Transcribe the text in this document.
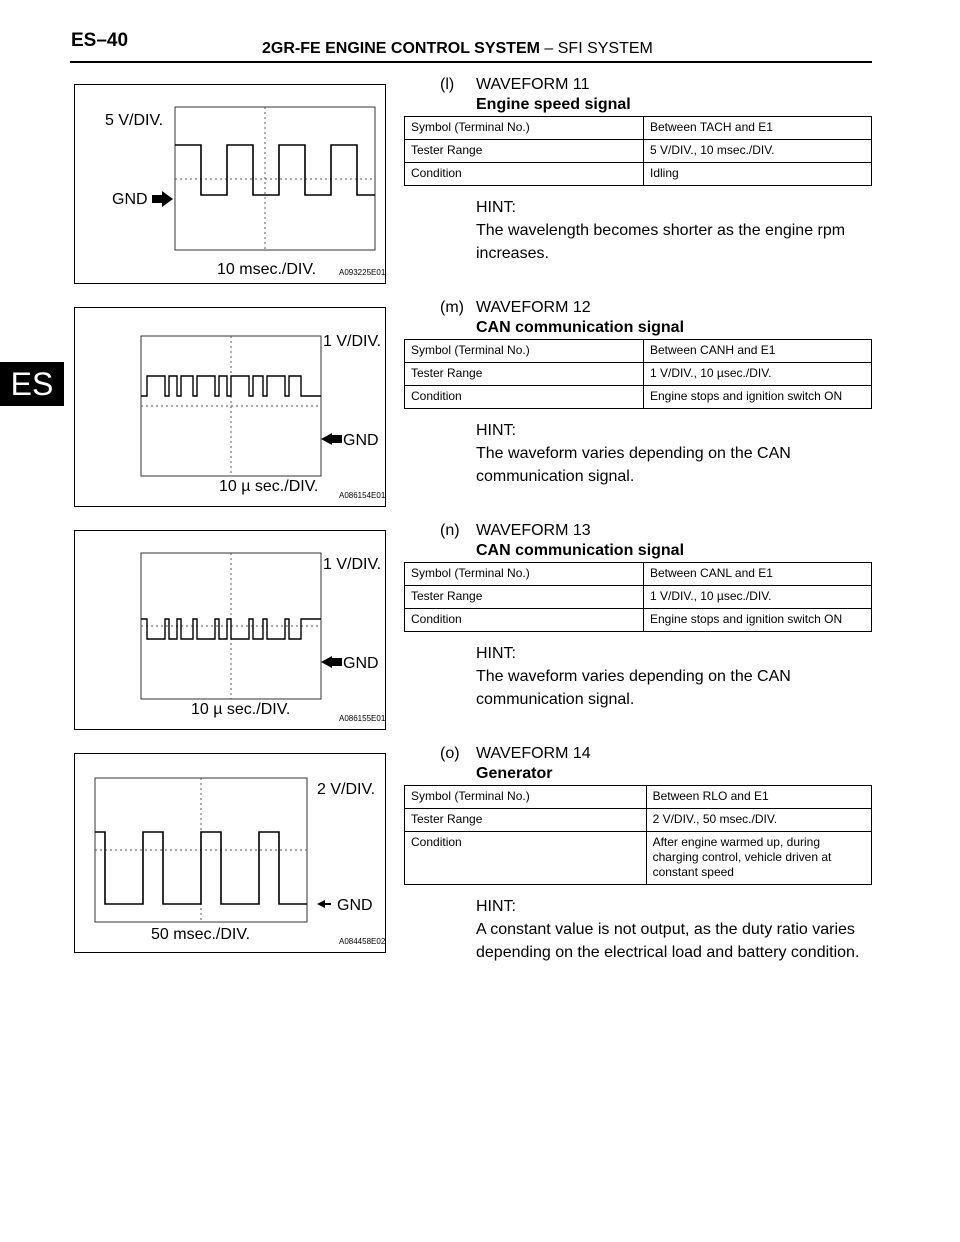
ES–40	2GR-FE ENGINE CONTROL SYSTEM – SFI SYSTEM
ES
5 V/DIV.
GND
10 msec./DIV.	A093225E01
(l) WAVEFORM 11
Engine speed signal
Symbol (Terminal No.)	Between TACH and E1
Tester Range	5 V/DIV., 10 msec./DIV.
Condition	Idling
HINT:
The wavelength becomes shorter as the engine rpm increases.
1 V/DIV.
GND
10 µ sec./DIV.
A086154E01
(m) WAVEFORM 12
CAN communication signal
Symbol (Terminal No.)	Between CANH and E1
Tester Range	1 V/DIV., 10 µsec./DIV.
Condition	Engine stops and ignition switch ON
HINT:
The waveform varies depending on the CAN communication signal.
1 V/DIV.
GND
10 µ sec./DIV.
A086155E01
(n) WAVEFORM 13
CAN communication signal
Symbol (Terminal No.)	Between CANL and E1
Tester Range	1 V/DIV., 10 µsec./DIV.
Condition	Engine stops and ignition switch ON
HINT:
The waveform varies depending on the CAN communication signal.
2 V/DIV.
GND
50 msec./DIV.	A084458E02
(o) WAVEFORM 14
Generator
Symbol (Terminal No.)	Between RLO and E1
Tester Range	2 V/DIV., 50 msec./DIV.
Condition	After engine warmed up, during charging control, vehicle driven at constant speed
HINT:
A constant value is not output, as the duty ratio varies depending on the electrical load and battery condition.
